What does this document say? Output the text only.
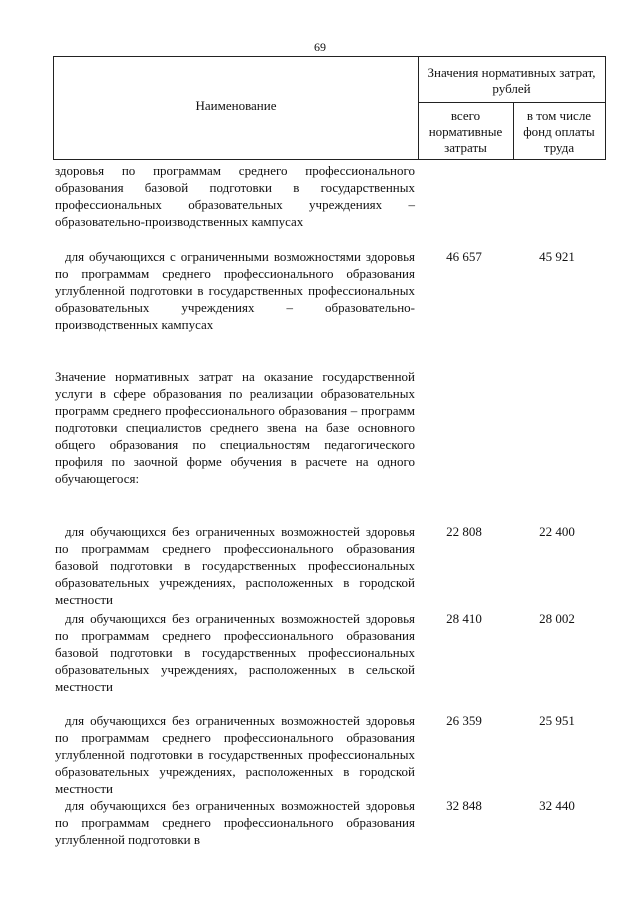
69
Наименование
Значения нормативных затрат, рублей
всего нормативные затраты
в том числе фонд оплаты труда
здоровья по программам среднего профессионального образования базовой подготовки в государственных профессиональных образовательных учреждениях – образовательно-производственных кампусах
для обучающихся с ограниченными возможностями здоровья по программам среднего профессионального образования углубленной подготовки в государственных профессиональных образовательных учреждениях – образовательно-производственных кампусах
46 657	45 921
Значение нормативных затрат на оказание государственной услуги в сфере образования по реализации образовательных программ среднего профессионального образования – программ подготовки специалистов среднего звена на базе основного общего образования по специальностям педагогического профиля по заочной форме обучения в расчете на одного обучающегося:
для обучающихся без ограниченных возможностей здоровья по программам среднего профессионального образования базовой подготовки в государственных профессиональных образовательных учреждениях, расположенных в городской местности
22 808	22 400
для обучающихся без ограниченных возможностей здоровья по программам среднего профессионального образования базовой подготовки в государственных профессиональных образовательных учреждениях, расположенных в сельской местности
28 410	28 002
для обучающихся без ограниченных возможностей здоровья по программам среднего профессионального образования углубленной подготовки в государственных профессиональных образовательных учреждениях, расположенных в городской местности
26 359	25 951
для обучающихся без ограниченных возможностей здоровья по программам среднего профессионального образования углубленной подготовки в
32 848	32 440
